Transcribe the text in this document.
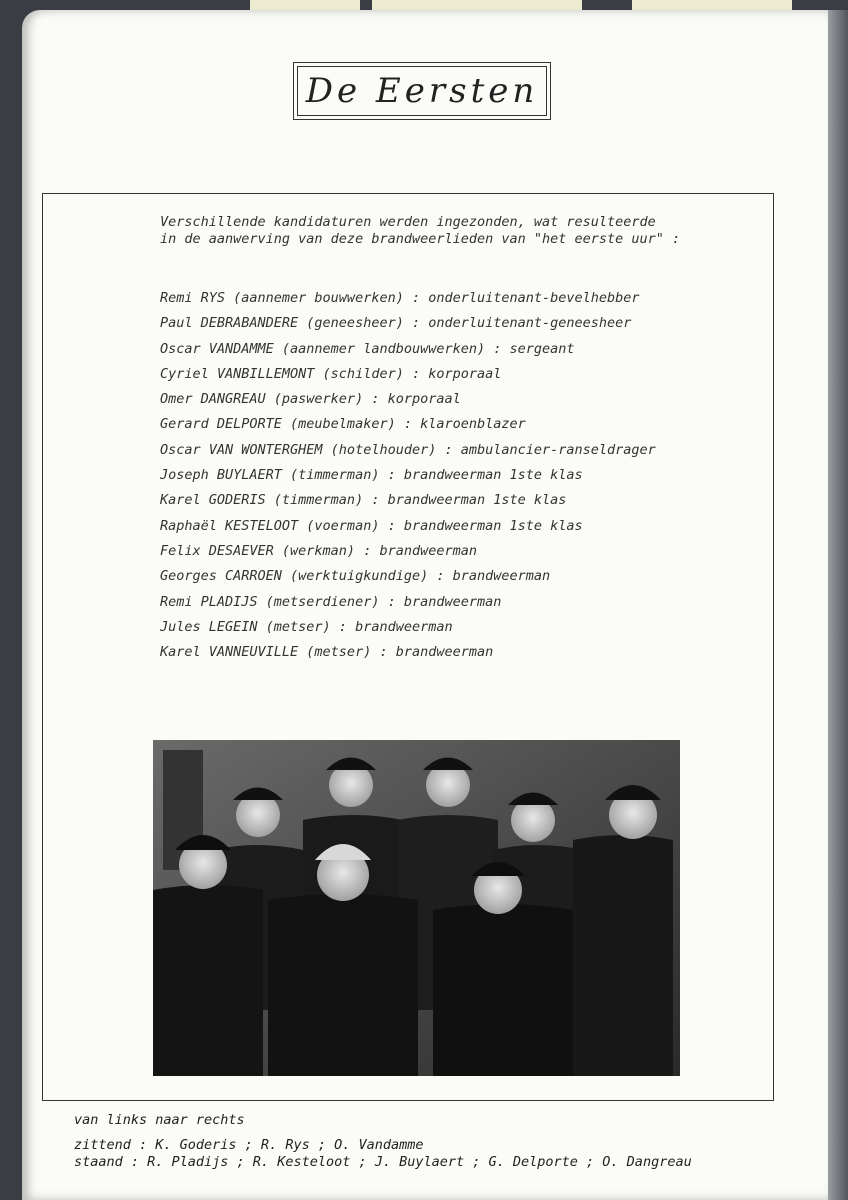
De Eersten
Verschillende kandidaturen werden ingezonden, wat resulteerde
in de aanwerving van deze brandweerlieden van "het eerste uur" :
Remi RYS (aannemer bouwwerken) : onderluitenant-bevelhebber
Paul DEBRABANDERE (geneesheer) : onderluitenant-geneesheer
Oscar VANDAMME (aannemer landbouwwerken) : sergeant
Cyriel VANBILLEMONT (schilder) : korporaal
Omer DANGREAU (paswerker) : korporaal
Gerard DELPORTE (meubelmaker) : klaroenblazer
Oscar VAN WONTERGHEM (hotelhouder) : ambulancier-ranseldrager
Joseph BUYLAERT (timmerman) : brandweerman 1ste klas
Karel GODERIS (timmerman) : brandweerman 1ste klas
Raphaël KESTELOOT (voerman) : brandweerman 1ste klas
Felix DESAEVER (werkman) : brandweerman
Georges CARROEN (werktuigkundige) : brandweerman
Remi PLADIJS (metserdiener) : brandweerman
Jules LEGEIN (metser) : brandweerman
Karel VANNEUVILLE (metser) : brandweerman
van links naar rechts
zittend : K. Goderis ; R. Rys ; O. Vandamme
staand : R. Pladijs ; R. Kesteloot ; J. Buylaert ; G. Delporte ; O. Dangreau
